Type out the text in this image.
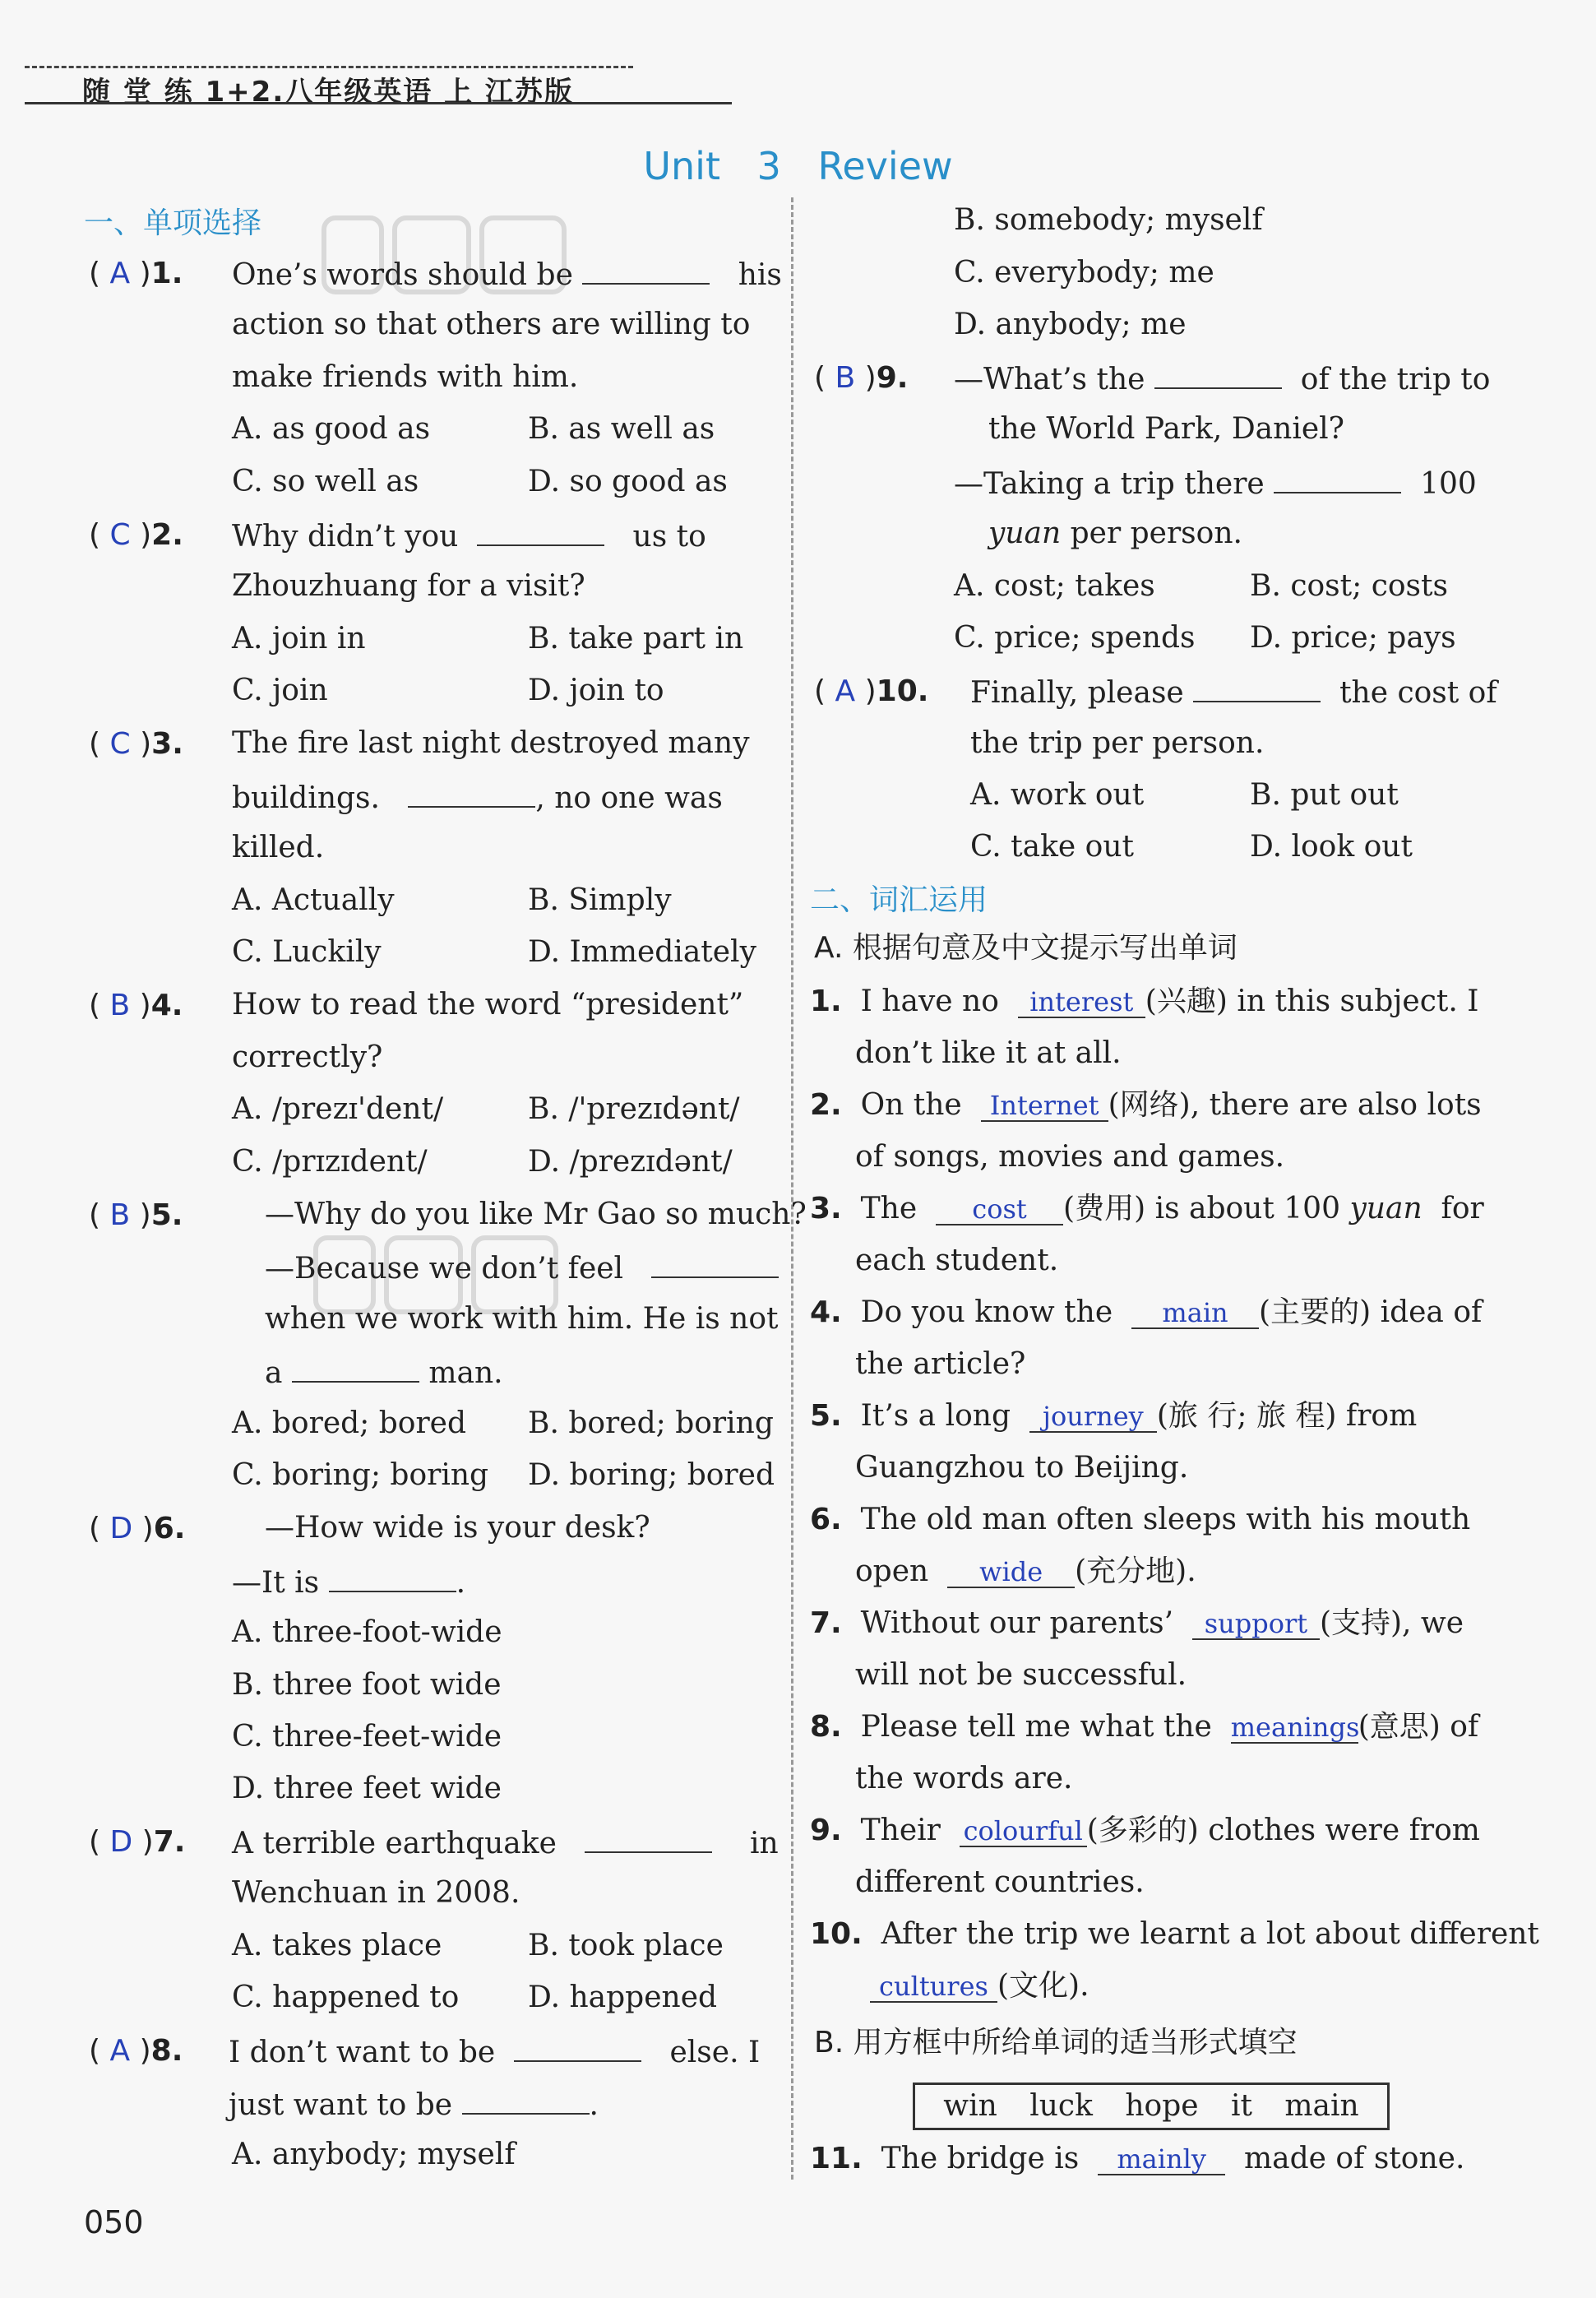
随 堂 练 1+2.八年级英语 上 江苏版
Unit 3 Review
一、单项选择
( A )1. One’s words should be	his
action so that others are willing to
make friends with him.
A. as good as	B. as well as
C. so well as	D. so good as
( C )2. Why didn’t you	us to
Zhouzhuang for a visit?
A. join in	B. take part in
C. join	D. join to
( C )3. The fire last night destroyed many
buildings.	, no one was
killed.
A. Actually	B. Simply
C. Luckily	D. Immediately
( B )4. How to read the word “president”
correctly?
A. /prezɪ'dent/	B. /'prezɪdənt/
C. /prɪzɪdent/	D. /prezɪdənt/
( B )5.	—Why do you like Mr Gao so much?
—Because we don’t feel
when we work with him. He is not
a	man.
A. bored; bored B. bored; boring
C. boring; boring D. boring; bored
( D )6.	—How wide is your desk?
—It is	.
A. three-foot-wide
B. three foot wide
C. three-feet-wide
D. three feet wide
( D )7. A terrible earthquake	in
Wenchuan in 2008.
A. takes place	B. took place
C. happened to D. happened
( A )8. I don’t want to be	else. I
just want to be	.
A. anybody; myself
050
B. somebody; myself
C. everybody; me
D. anybody; me
( B )9. —What’s the	of the trip to
the World Park, Daniel?
—Taking a trip there	100
yuan per person.
A. cost; takes	B. cost; costs
C. price; spends D. price; pays
( A )10. Finally, please	the cost of
the trip per person.
A. work out	B. put out
C. take out	D. look out
二、词汇运用
A. 根据句意及中文提示写出单词
1. I have no interest (兴趣) in this subject. I
don’t like it at all.
2. On the Internet (网络), there are also lots
of songs, movies and games.
3. The cost (费用) is about 100 yuan for
each student.
4. Do you know the main (主要的) idea of
the article?
5. It’s a long journey (旅 行; 旅 程) from
Guangzhou to Beijing.
6. The old man often sleeps with his mouth
open wide (充分地).
7. Without our parents’ support (支持), we
will not be successful.
8. Please tell me what the meanings(意思) of
the words are.
9. Their colourful (多彩的) clothes were from
different countries.
10. After the trip we learnt a lot about different
cultures (文化).
B. 用方框中所给单词的适当形式填空
win luck hope it main
11. The bridge is mainly made of stone.
